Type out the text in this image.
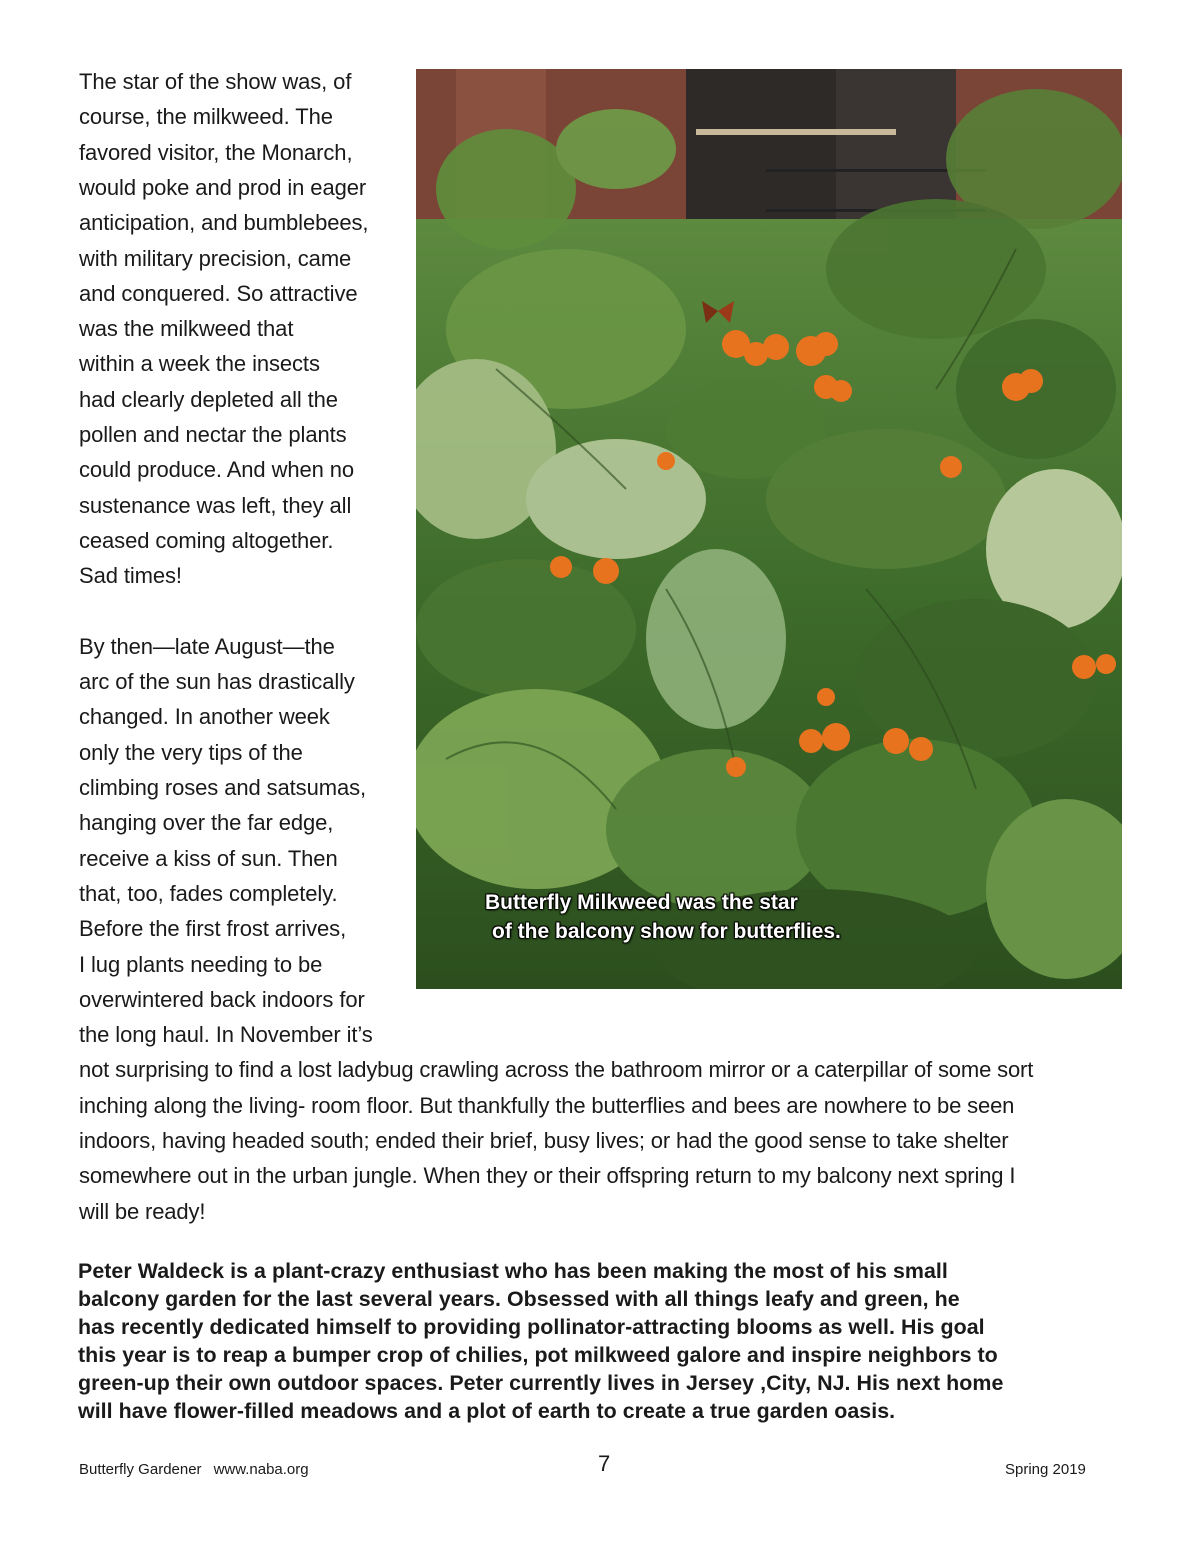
The star of the show was, of
course, the milkweed. The
favored visitor, the Monarch,
would poke and prod in eager
anticipation, and bumblebees,
with military precision, came
and conquered. So attractive
was the milkweed that
within a week the insects
had clearly depleted all the
pollen and nectar the plants
could produce. And when no
sustenance was left, they all
ceased coming altogether.
Sad times!
By then—late August—the
arc of the sun has drastically
changed. In another week
only the very tips of the
climbing roses and satsumas,
hanging over the far edge,
receive a kiss of sun. Then
that, too, fades completely.
Before the first frost arrives,
I lug plants needing to be
overwintered back indoors for
the long haul. In November it’s
Butterfly Milkweed was the star
of the balcony show for butterflies.
not surprising to find a lost ladybug crawling across the bathroom mirror or a caterpillar of some sort
inching along the living- room floor. But thankfully the butterflies and bees are nowhere to be seen
indoors, having headed south; ended their brief, busy lives; or had the good sense to take shelter
somewhere out in the urban jungle. When they or their offspring return to my balcony next spring I
will be ready!
Peter Waldeck is a plant-crazy enthusiast who has been making the most of his small
balcony garden for the last several years. Obsessed with all things leafy and green, he
has recently dedicated himself to providing pollinator-attracting blooms as well. His goal
this year is to reap a bumper crop of chilies, pot milkweed galore and inspire neighbors to
green-up their own outdoor spaces. Peter currently lives in Jersey ,City, NJ. His next home
will have flower-filled meadows and a plot of earth to create a true garden oasis.
Butterfly Gardener www.naba.org	7	Spring 2019
